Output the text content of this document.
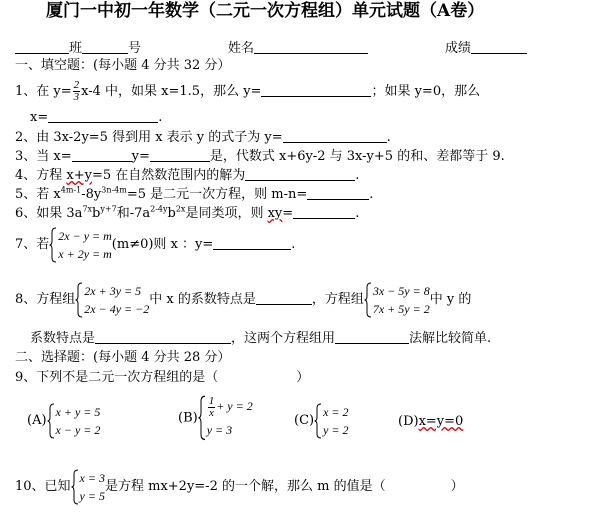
厦门一中初一年数学（二元一次方程组）单元试题（A卷）
班	号	姓名	成绩
一、填空题：(每小题 4 分共 32 分）
1、在 $y= \frac{2}{3} x-4$ 中，如果 x=1.5，那么 y=	；如果 y=0，那么
x=	.
2、由 3x-2y=5 得到用 x 表示 y 的式子为 y=	.
3、当 x=	y=	是，代数式 x+6y-2 与 3x-y+5 的和、差都等于 9.
4、方程 x+y=5 在自然数范围内的解为	.
5、若 $x^{4m-1}-8y^{3n-4m}=5$ 是二元一次方程，则 m-n=	.
6、如果 $3a^{7x}b^{y+7}$和$-7a^{2-4y}b^{2x}$是同类项，则 xy=	.
7、若
2x − y = m
x + 2y = m
(m≠0)则 x ：y=	.
8、方程组
2x + 3y = 5
2x − 4y = −2
中 x 的系数特点是	，方程组
3x − 5y = 8
7x + 5y = 2
中 y 的
系数特点是	，这两个方程组用	法解比较简单.
二、选择题：(每小题 4 分共 28 分）
9、下列不是二元一次方程组的是（　　　　　　）
(A)
x + y = 5
x − y = 2
$(B) \frac{1}{x} + y = 2$
y = 3
(C)
x = 2
y = 2
(D)x=y=0
10、已知
x = 3
y = 5
是方程 mx+2y=-2 的一个解，那么 m 的值是（　　　　　）
